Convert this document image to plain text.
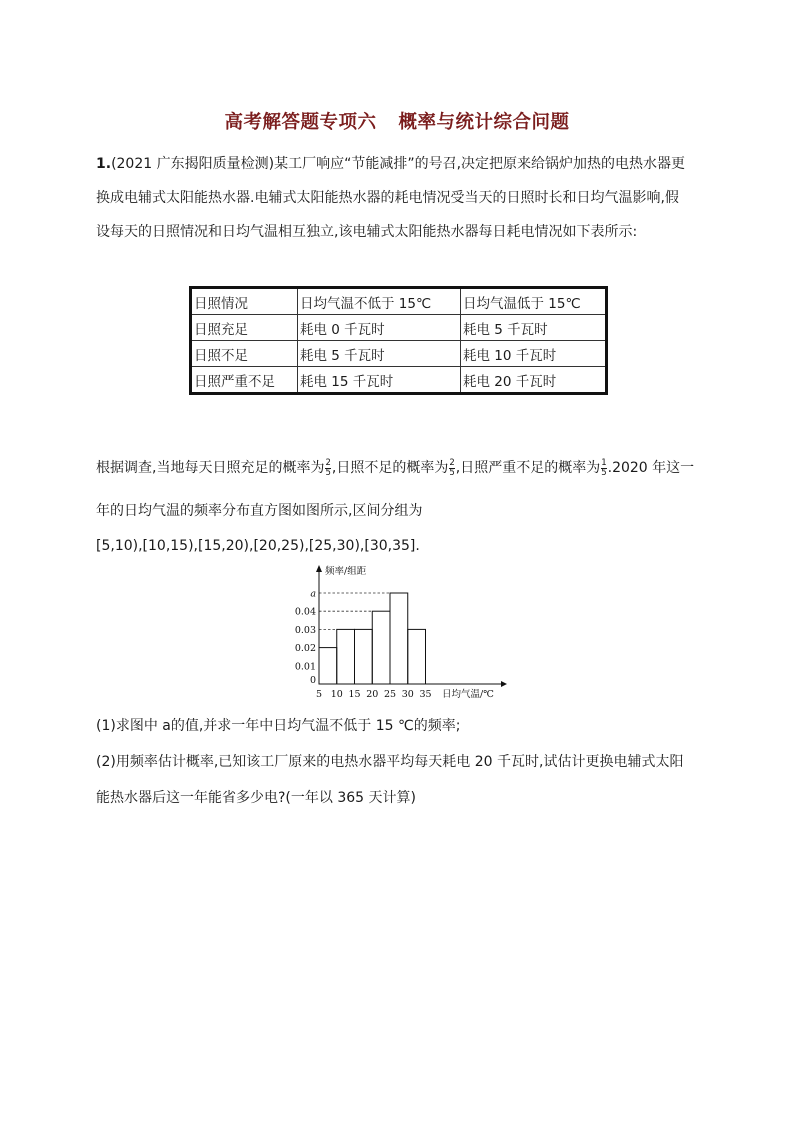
高考解答题专项六 概率与统计综合问题
1.(2021 广东揭阳质量检测)某工厂响应“节能减排”的号召,决定把原来给锅炉加热的电热水器更
换成电辅式太阳能热水器.电辅式太阳能热水器的耗电情况受当天的日照时长和日均气温影响,假
设每天的日照情况和日均气温相互独立,该电辅式太阳能热水器每日耗电情况如下表所示:
日照情况	日均气温不低于 15℃	日均气温低于 15℃
日照充足	耗电 0 千瓦时	耗电 5 千瓦时
日照不足	耗电 5 千瓦时	耗电 10 千瓦时
日照严重不足	耗电 15 千瓦时	耗电 20 千瓦时
根据调查,当地每天日照充足的概率为 $\frac{2}{5}$ ,日照不足的概率为 $\frac{2}{5}$ ,日照严重不足的概率为 $\frac{1}{5} .2020$ 年这一
年的日均气温的频率分布直方图如图所示,区间分组为
[5,10),[10,15),[15,20),[20,25),[25,30),[30,35].
5 10 15 20 25 30 35
0
0.01
0.02
0.03
0.04
a
频率/组距
日均气温/℃
(1)求图中 a的值,并求一年中日均气温不低于 15 ℃的频率;
(2)用频率估计概率,已知该工厂原来的电热水器平均每天耗电 20 千瓦时,试估计更换电辅式太阳
能热水器后这一年能省多少电?(一年以 365 天计算)
